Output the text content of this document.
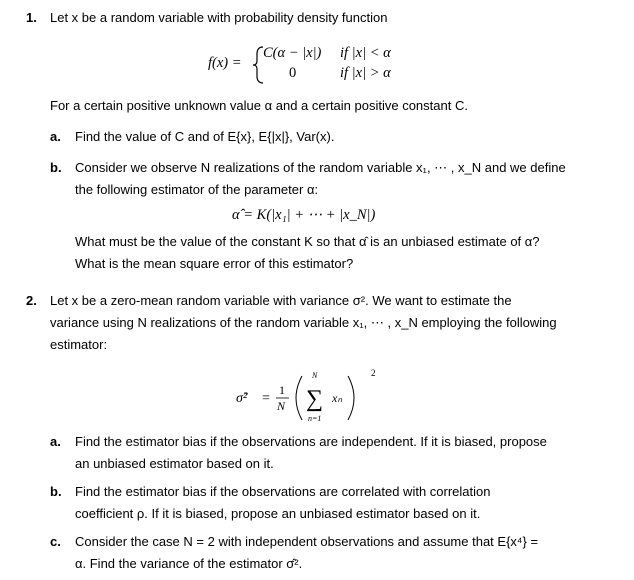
1. Let x be a random variable with probability density function
f(x) =
C(α − |x|) if |x| < α
0	if |x| > α
For a certain positive unknown value α and a certain positive constant C.
a. Find the value of C and of E{x}, E{|x|}, Var(x).
b. Consider we observe N realizations of the random variable x₁, ⋯ , x_N and we define
the following estimator of the parameter α:
α̂ = K(|x₁| + ⋯ + |x_N|)
What must be the value of the constant K so that α̂ is an unbiased estimate of α?
What is the mean square error of this estimator?
2. Let x be a zero-mean random variable with variance σ². We want to estimate the
variance using N realizations of the random variable x₁, ⋯ , x_N employing the following
estimator:
σ̂² =
1
N
N
∑
n=1
xₙ
2
a. Find the estimator bias if the observations are independent. If it is biased, propose
an unbiased estimator based on it.
b. Find the estimator bias if the observations are correlated with correlation
coefficient ρ. If it is biased, propose an unbiased estimator based on it.
c. Consider the case N = 2 with independent observations and assume that E{x⁴} =
α. Find the variance of the estimator σ̂².
